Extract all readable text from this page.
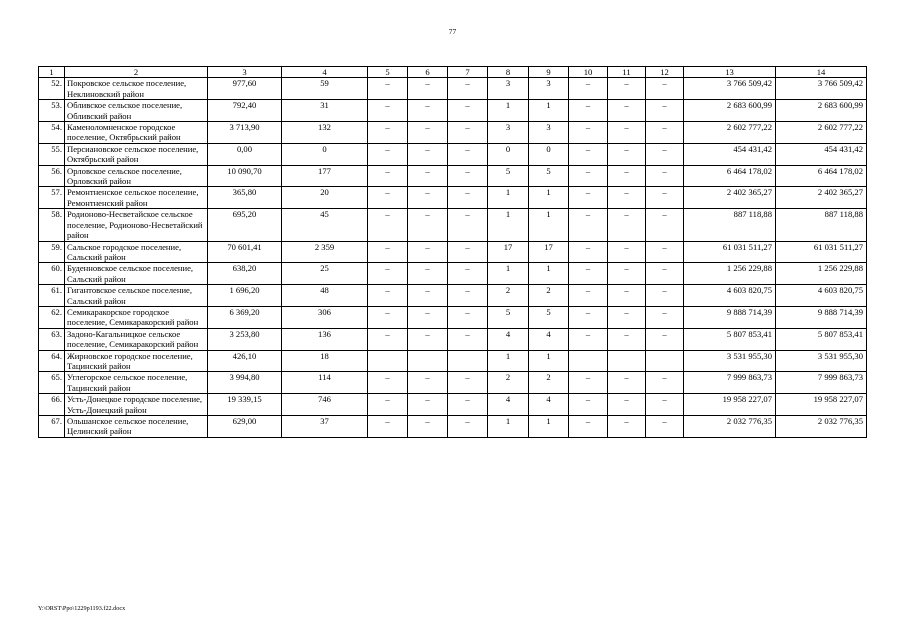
77
1	2	3	4	5	6	7	8	9	10	11	12	13	14
52.	Покровское сельское поселение, Неклиновский район	977,60	59	–	–	–	3	3	–	–	–	3 766 509,42	3 766 509,42
53.	Обливское сельское поселение, Обливский район	792,40	31	–	–	–	1	1	–	–	–	2 683 600,99	2 683 600,99
54.	Каменоломненское городское поселение, Октябрьский район	3 713,90	132	–	–	–	3	3	–	–	–	2 602 777,22	2 602 777,22
55.	Персиановское сельское поселение, Октябрьский район	0,00	0	–	–	–	0	0	–	–	–	454 431,42	454 431,42
56.	Орловское сельское поселение, Орловский район	10 090,70	177	–	–	–	5	5	–	–	–	6 464 178,02	6 464 178,02
57.	Ремонтненское сельское поселение, Ремонтненский район	365,80	20	–	–	–	1	1	–	–	–	2 402 365,27	2 402 365,27
58.	Родионово-Несветайское сельское поселение, Родионово-Несветайский район	695,20	45	–	–	–	1	1	–	–	–	887 118,88	887 118,88
59.	Сальское городское поселение, Сальский район	70 601,41	2 359	–	–	–	17	17	–	–	–	61 031 511,27	61 031 511,27
60.	Буденновское сельское поселение, Сальский район	638,20	25	–	–	–	1	1	–	–	–	1 256 229,88	1 256 229,88
61.	Гигантовское сельское поселение, Сальский район	1 696,20	48	–	–	–	2	2	–	–	–	4 603 820,75	4 603 820,75
62.	Семикаракорское городское поселение, Семикаракорский район	6 369,20	306	–	–	–	5	5	–	–	–	9 888 714,39	9 888 714,39
63.	Задоно-Кагальницкое сельское поселение, Семикаракорский район	3 253,80	136	–	–	–	4	4	–	–	–	5 807 853,41	5 807 853,41
64.	Жирновское городское поселение, Тацинский район	426,10	18				1	1				3 531 955,30	3 531 955,30
65.	Углегорское сельское поселение, Тацинский район	3 994,80	114	–	–	–	2	2	–	–	–	7 999 863,73	7 999 863,73
66.	Усть-Донецкое городское поселение, Усть-Донецкий район	19 339,15	746	–	–	–	4	4	–	–	–	19 958 227,07	19 958 227,07
67.	Ольшанское сельское поселение, Целинский район	629,00	37	–	–	–	1	1	–	–	–	2 032 776,35	2 032 776,35
Y:\ORST\Ppo\1229p1193.f22.docx
